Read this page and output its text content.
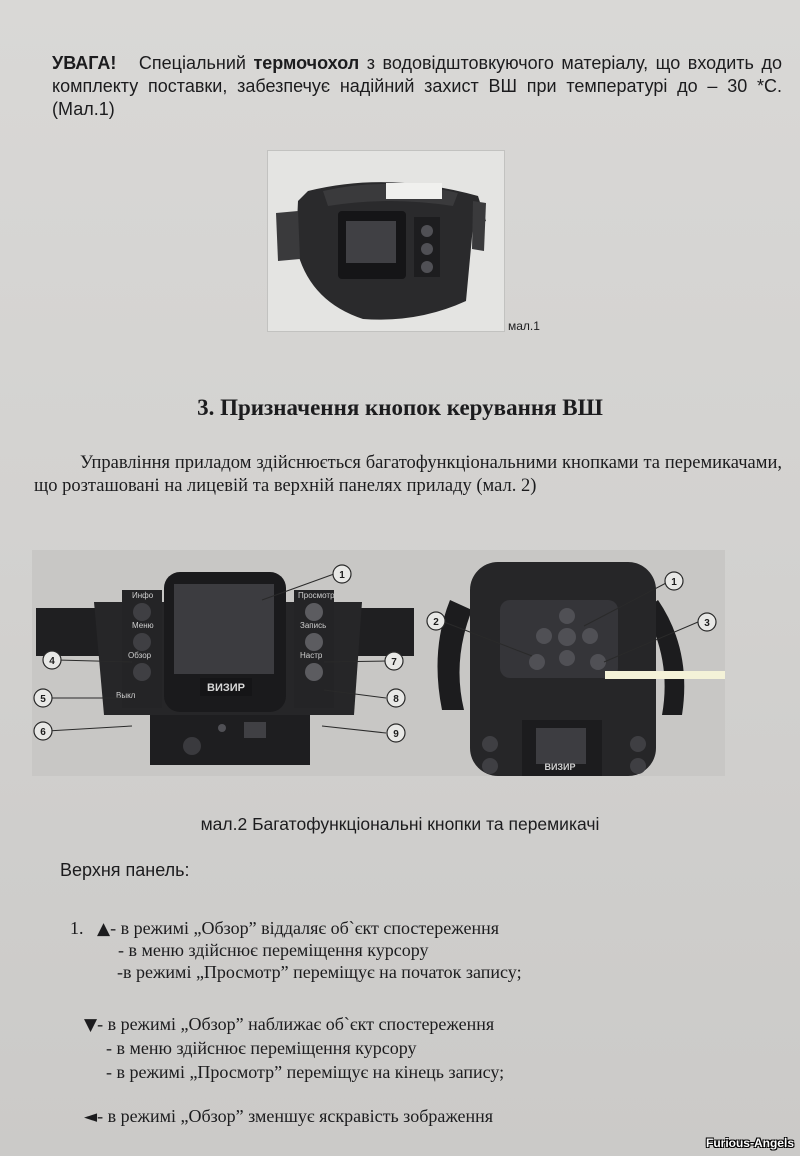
УВАГА! Спеціальний термочохол з водовідштовкуючого матеріалу, що входить до комплекту поставки, забезпечує надійний захист ВШ при температурі до – 30 *С. (Мал.1)
мал.1
3. Призначення кнопок керування ВШ
Управління приладом здійснюється багатофункціональними кнопками та перемикачами, що розташовані на лицевій та верхній панелях приладу (мал. 2)
ВИЗИР
Инфо
Меню
Обзор
Просмотр
Запись
Настр
Выкл
1
4
5
6
7
8
9
ВИЗИР
1
2	3
мал.2 Багатофункціональні кнопки та перемикачі
Верхня панель:
1. ▲- в режимі „Обзор” віддаляє об`єкт спостереження
- в меню здійснює переміщення курсору
-в режимі „Просмотр” переміщує на початок запису;
▼- в режимі „Обзор” наближає об`єкт спостереження
- в меню здійснює переміщення курсору
- в режимі „Просмотр” переміщує на кінець запису;
◄- в режимі „Обзор” зменшує яскравість зображення
Furious-Angels
